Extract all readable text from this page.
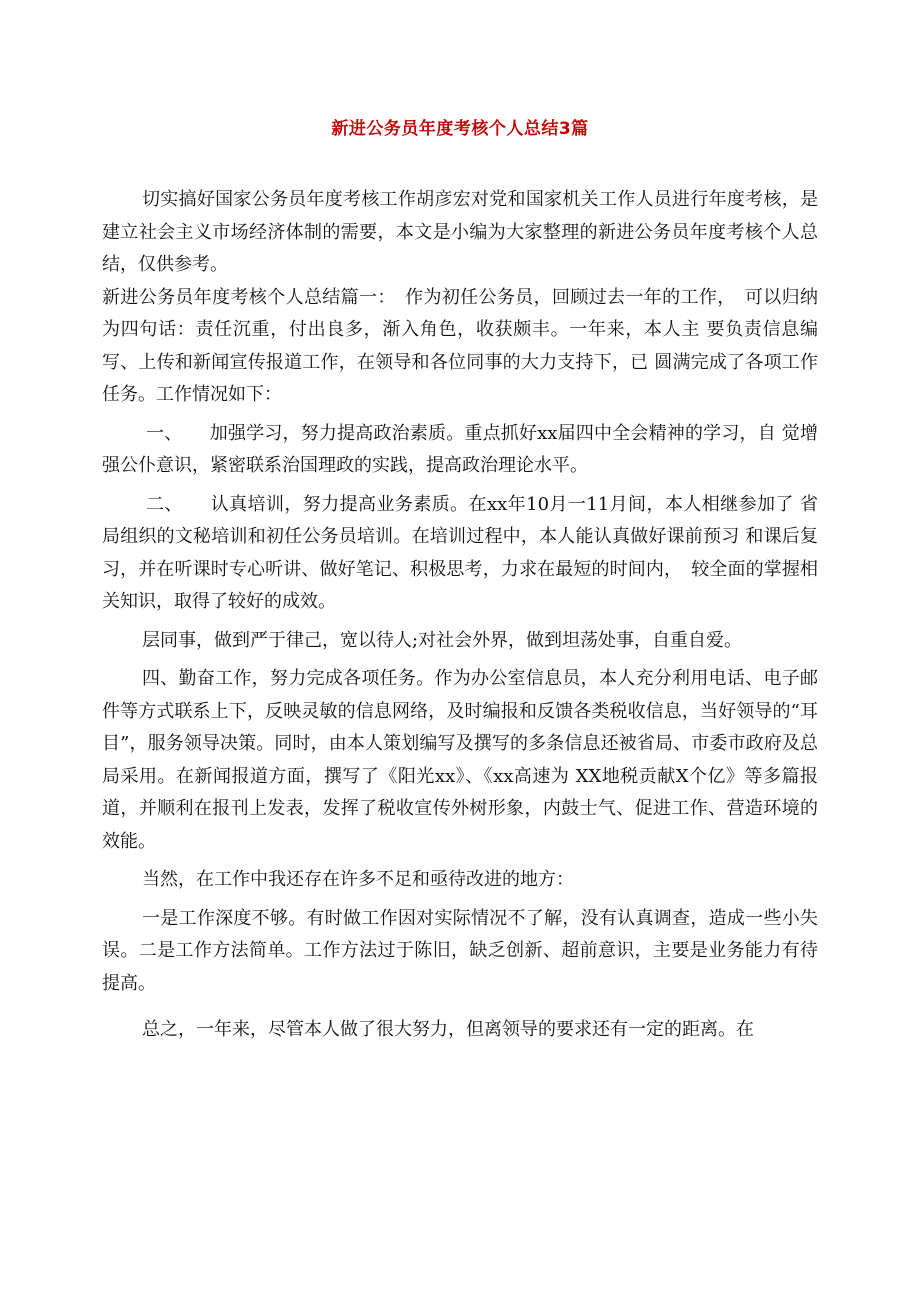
新进公务员年度考核个人总结3篇

切实搞好国家公务员年度考核工作胡彦宏对党和国家机关工作人员进行年度考核，是建立社会主义市场经济体制的需要，本文是小编为大家整理的新进公务员年度考核个人总结，仅供参考。

新进公务员年度考核个人总结篇一：　作为初任公务员，回顾过去一年的工作，　可以归纳为四句话：责任沉重，付出良多，渐入角色，收获颇丰。一年来，本人主 要负责信息编写、上传和新闻宣传报道工作，在领导和各位同事的大力支持下，已 圆满完成了各项工作任务。工作情况如下：

一、　　加强学习，努力提高政治素质。重点抓好xx届四中全会精神的学习，自 觉增强公仆意识，紧密联系治国理政的实践，提高政治理论水平。

二、　　认真培训，努力提高业务素质。在xx年10月一11月间，本人相继参加了 省局组织的文秘培训和初任公务员培训。在培训过程中，本人能认真做好课前预习 和课后复习，并在听课时专心听讲、做好笔记、积极思考，力求在最短的时间内，　较全面的掌握相关知识，取得了较好的成效。

层同事，做到严于律己，宽以待人;对社会外界，做到坦荡处事，自重自爱。

四、勤奋工作，努力完成各项任务。作为办公室信息员，本人充分利用电话、电子邮件等方式联系上下，反映灵敏的信息网络，及时编报和反馈各类税收信息，当好领导的“耳目”，服务领导决策。同时，由本人策划编写及撰写的多条信息还被省局、市委市政府及总局采用。在新闻报道方面，撰写了《阳光xx》、《xx高速为 XX地税贡献X个亿》等多篇报道，并顺利在报刊上发表，发挥了税收宣传外树形象，内鼓士气、促进工作、营造环境的效能。

当然，在工作中我还存在许多不足和亟待改进的地方：

一是工作深度不够。有时做工作因对实际情况不了解，没有认真调查，造成一些小失误。二是工作方法简单。工作方法过于陈旧，缺乏创新、超前意识，主要是业务能力有待提高。

总之，一年来，尽管本人做了很大努力，但离领导的要求还有一定的距离。在
